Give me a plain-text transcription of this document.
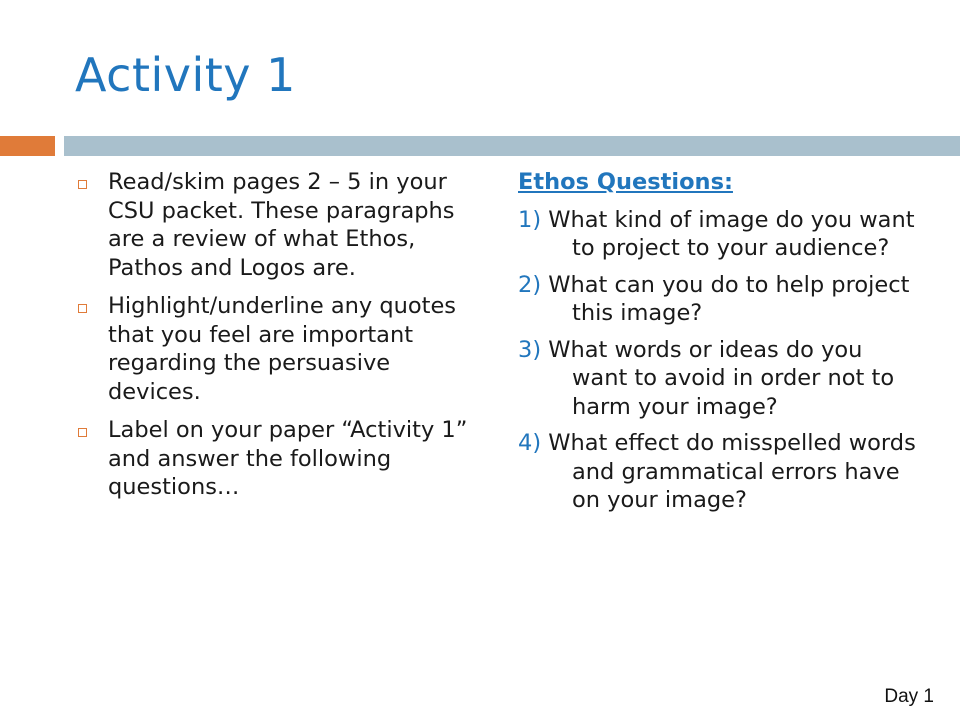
Activity 1
Read/skim pages 2 – 5 in your CSU packet. These paragraphs are a review of what Ethos, Pathos and Logos are.
Highlight/underline any quotes that you feel are important regarding the persuasive devices.
Label on your paper “Activity 1” and answer the following questions…
Ethos Questions:
1) What kind of image do you want to project to your audience?
2) What can you do to help project this image?
3) What words or ideas do you want to avoid in order not to harm your image?
4) What effect do misspelled words and grammatical errors have on your image?
Day 1
